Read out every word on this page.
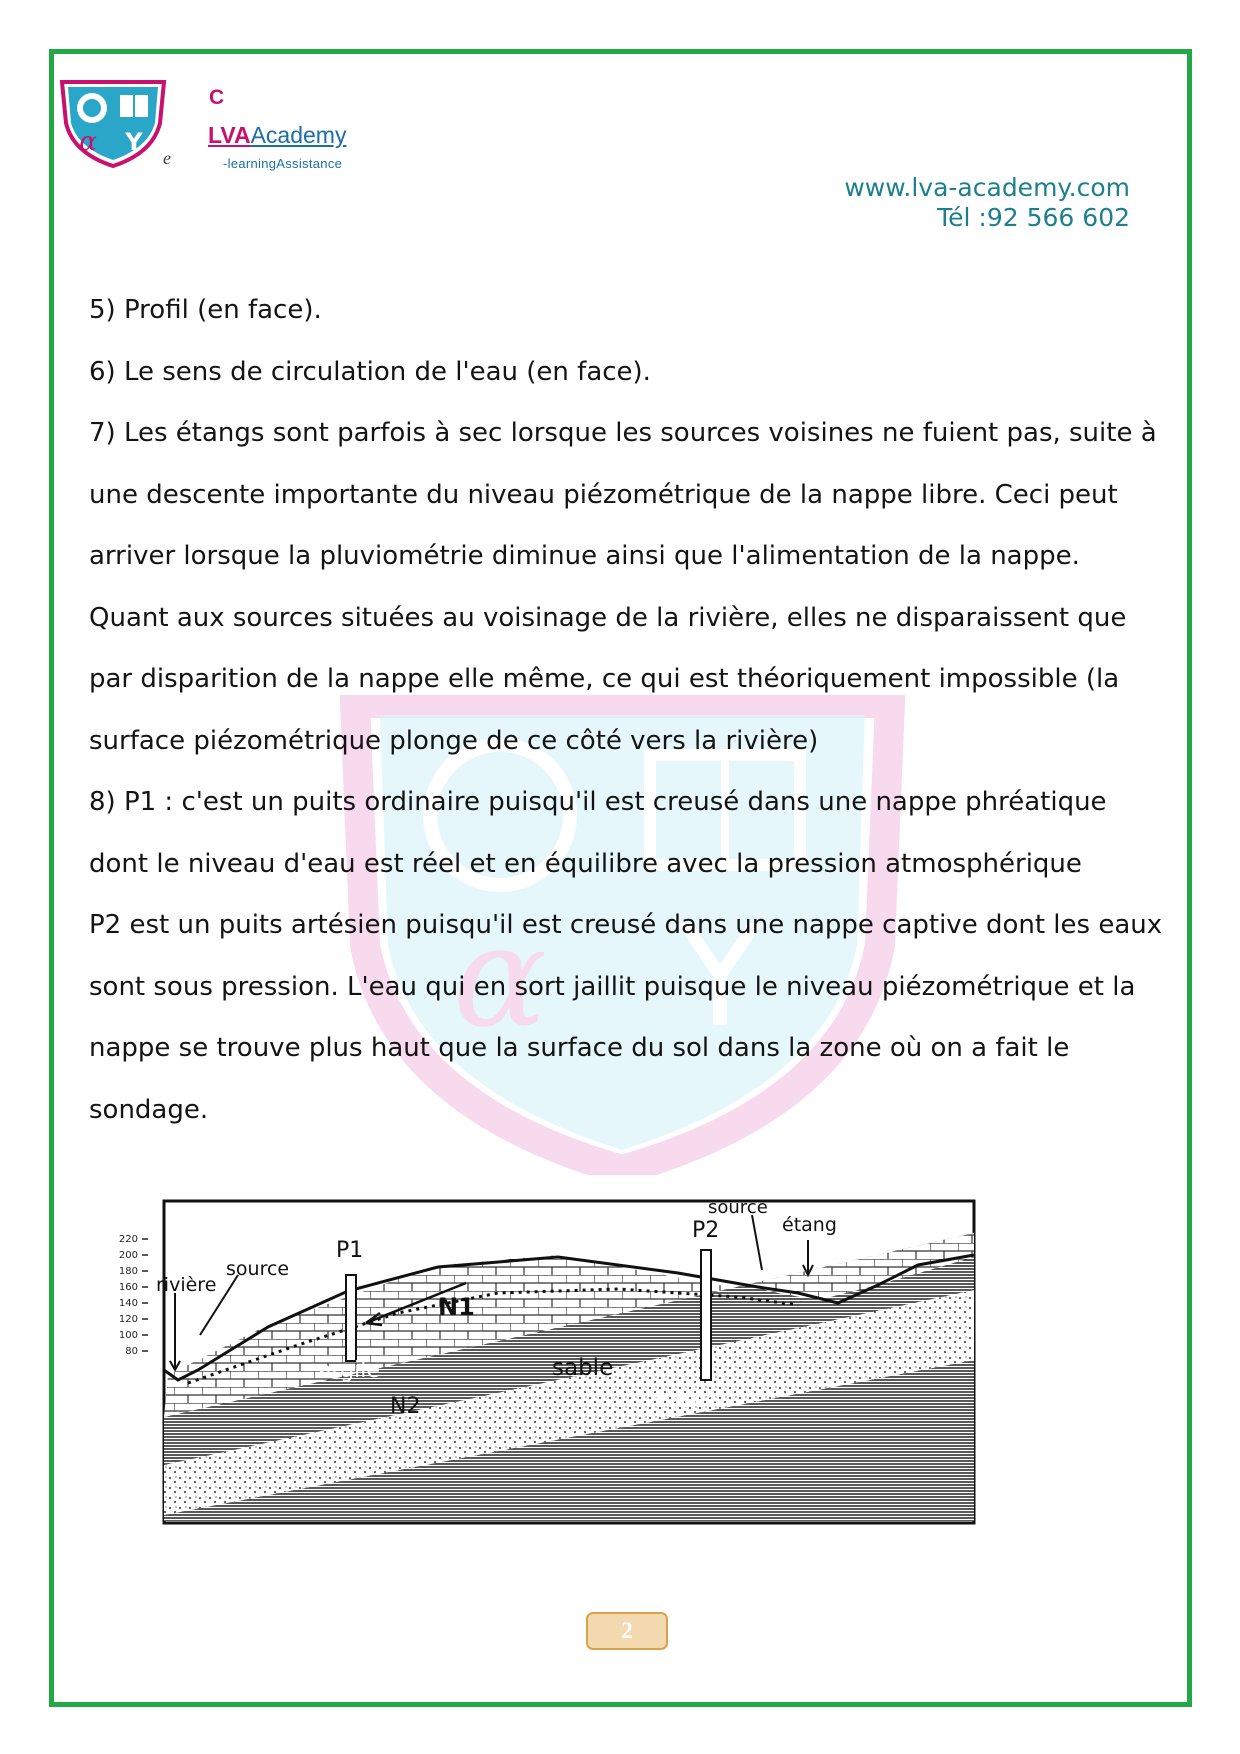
α Y
α Y
C
LVAAcademy
-learningAssistance
e
www.lva-academy.com
Tél :92 566 602

5) Profil (en face).

6) Le sens de circulation de l'eau (en face).

7) Les étangs sont parfois à sec lorsque les sources voisines ne fuient pas, suite à une descente importante du niveau piézométrique de la nappe libre. Ceci peut arriver lorsque la pluviométrie diminue ainsi que l'alimentation de la nappe.

Quant aux sources situées au voisinage de la rivière, elles ne disparaissent que par disparition de la nappe elle même, ce qui est théoriquement impossible (la surface piézométrique plonge de ce côté vers la rivière)

8) P1 : c'est un puits ordinaire puisqu'il est creusé dans une nappe phréatique dont le niveau d'eau est réel et en équilibre avec la pression atmosphérique

P2 est un puits artésien puisqu'il est creusé dans une nappe captive dont les eaux sont sous pression. L'eau qui en sort jaillit puisque le niveau piézométrique et la nappe se trouve plus haut que la surface du sol dans la zone où on a fait le sondage.

220
200
180
160
140
120
100
80
rivière
source
P1
P2
source
étang
N1
N2
argile	sable
marne
2
